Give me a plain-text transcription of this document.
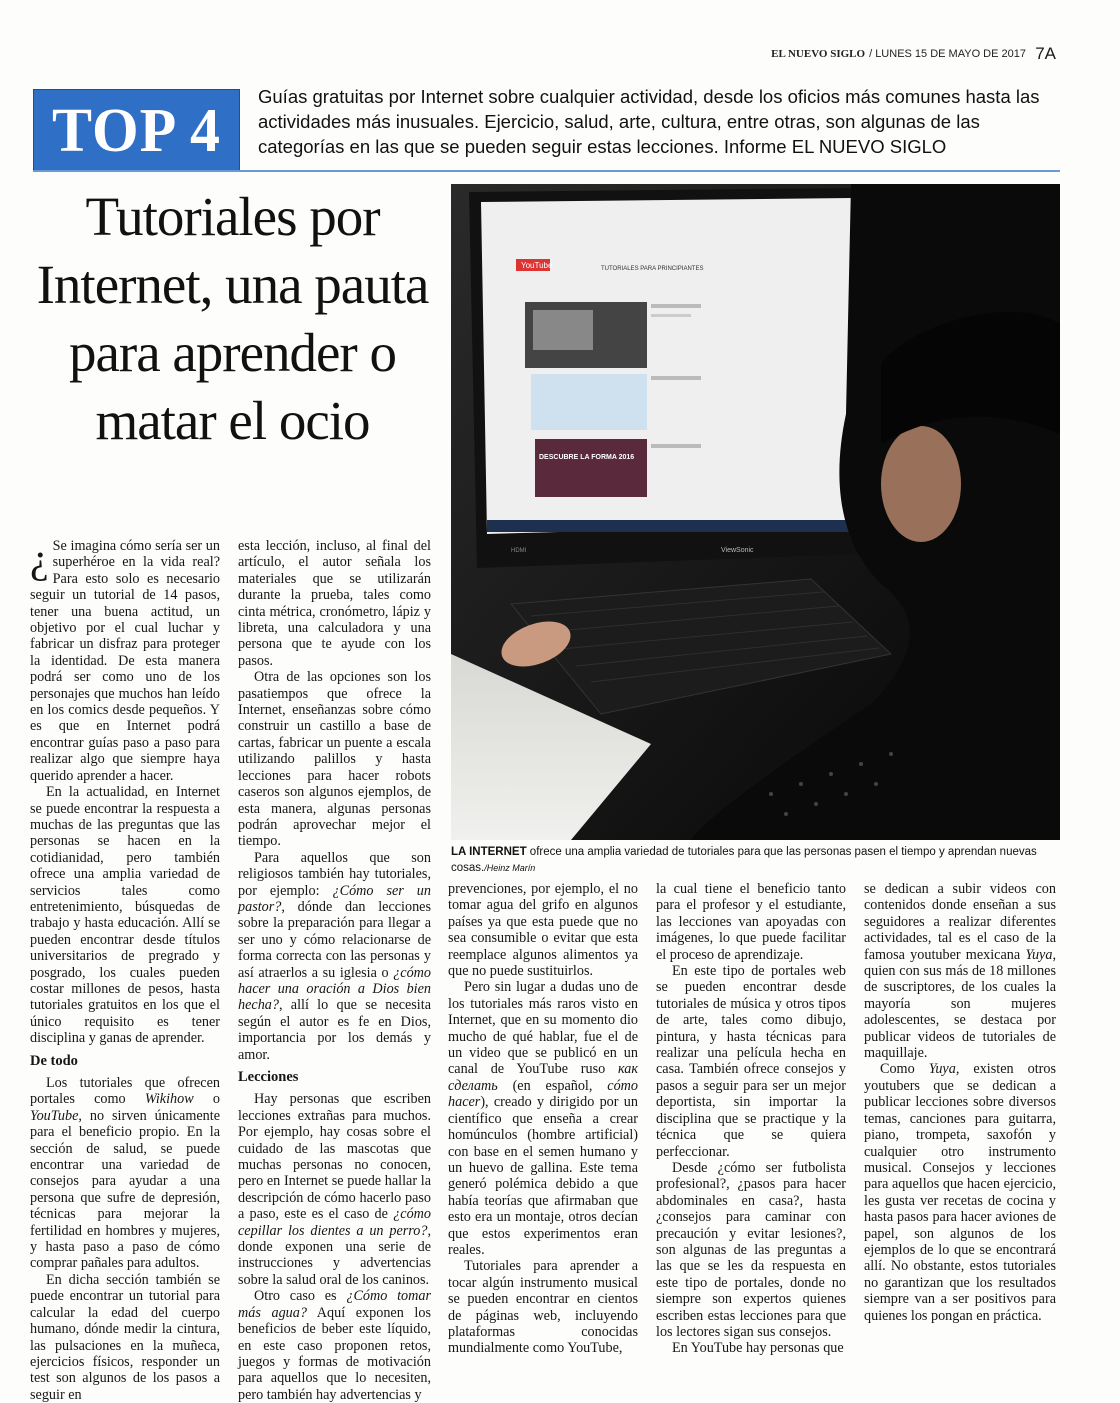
EL NUEVO SIGLO / LUNES 15 DE MAYO DE 2017 7A
TOP 4 Guías gratuitas por Internet sobre cualquier actividad, desde los oficios más comunes hasta las actividades más inusuales. Ejercicio, salud, arte, cultura, entre otras, son algunas de las categorías en las que se pueden seguir estas lecciones. Informe EL NUEVO SIGLO
Tutoriales por Internet, una pauta para aprender o matar el ocio
YouTube	TUTORIALES PARA PRINCIPIANTES
DESCUBRE LA FORMA 2016
ViewSonic
HDMI
LA INTERNET ofrece una amplia variedad de tutoriales para que las personas pasen el tiempo y aprendan nuevas cosas./Heinz Marín

¿ Se imagina cómo sería ser un superhéroe en la vida real? Para esto solo es necesario seguir un tutorial de 14 pasos, tener una buena actitud, un objetivo por el cual luchar y fabricar un disfraz para proteger la identidad. De esta manera podrá ser como uno de los personajes que muchos han leído en los comics desde pequeños. Y es que en Internet podrá encontrar guías paso a paso para realizar algo que siempre haya querido aprender a hacer.

En la actualidad, en Internet se puede encontrar la respuesta a muchas de las preguntas que las personas se hacen en la cotidianidad, pero también ofrece una amplia variedad de servicios tales como entretenimiento, búsquedas de trabajo y hasta educación. Allí se pueden encontrar desde títulos universitarios de pregrado y posgrado, los cuales pueden costar millones de pesos, hasta tutoriales gratuitos en los que el único requisito es tener disciplina y ganas de aprender.

De todo

Los tutoriales que ofrecen portales como Wikihow o YouTube, no sirven únicamente para el beneficio propio. En la sección de salud, se puede encontrar una variedad de consejos para ayudar a una persona que sufre de depresión, técnicas para mejorar la fertilidad en hombres y mujeres, y hasta paso a paso de cómo comprar pañales para adultos.

En dicha sección también se puede encontrar un tutorial para calcular la edad del cuerpo humano, dónde medir la cintura, las pulsaciones en la muñeca, ejercicios físicos, responder un test son algunos de los pasos a seguir en

esta lección, incluso, al final del artículo, el autor señala los materiales que se utilizarán durante la prueba, tales como cinta métrica, cronómetro, lápiz y libreta, una calculadora y una persona que te ayude con los pasos.

Otra de las opciones son los pasatiempos que ofrece la Internet, enseñanzas sobre cómo construir un castillo a base de cartas, fabricar un puente a escala utilizando palillos y hasta lecciones para hacer robots caseros son algunos ejemplos, de esta manera, algunas personas podrán aprovechar mejor el tiempo.

Para aquellos que son religiosos también hay tutoriales, por ejemplo: ¿Cómo ser un pastor?, dónde dan lecciones sobre la preparación para llegar a ser uno y cómo relacionarse de forma correcta con las personas y así atraerlos a su iglesia o ¿cómo hacer una oración a Dios bien hecha?, allí lo que se necesita según el autor es fe en Dios, importancia por los demás y amor.

Lecciones

Hay personas que escriben lecciones extrañas para muchos. Por ejemplo, hay cosas sobre el cuidado de las mascotas que muchas personas no conocen, pero en Internet se puede hallar la descripción de cómo hacerlo paso a paso, este es el caso de ¿cómo cepillar los dientes a un perro?, donde exponen una serie de instrucciones y advertencias sobre la salud oral de los caninos.

Otro caso es ¿Cómo tomar más agua? Aquí exponen los beneficios de beber este líquido, en este caso proponen retos, juegos y formas de motivación para aquellos que lo necesiten, pero también hay advertencias y

prevenciones, por ejemplo, el no tomar agua del grifo en algunos países ya que esta puede que no sea consumible o evitar que esta reemplace algunos alimentos ya que no puede sustituirlos.

Pero sin lugar a dudas uno de los tutoriales más raros visto en Internet, que en su momento dio mucho de qué hablar, fue el de un video que se publicó en un canal de YouTube ruso как сделать (en español, cómo hacer), creado y dirigido por un científico que enseña a crear homúnculos (hombre artificial) con base en el semen humano y un huevo de gallina. Este tema generó polémica debido a que había teorías que afirmaban que esto era un montaje, otros decían que estos experimentos eran reales.

Tutoriales para aprender a tocar algún instrumento musical se pueden encontrar en cientos de páginas web, incluyendo plataformas conocidas mundialmente como YouTube,

la cual tiene el beneficio tanto para el profesor y el estudiante, las lecciones van apoyadas con imágenes, lo que puede facilitar el proceso de aprendizaje.

En este tipo de portales web se pueden encontrar desde tutoriales de música y otros tipos de arte, tales como dibujo, pintura, y hasta técnicas para realizar una película hecha en casa. También ofrece consejos y pasos a seguir para ser un mejor deportista, sin importar la disciplina que se practique y la técnica que se quiera perfeccionar.

Desde ¿cómo ser futbolista profesional?, ¿pasos para hacer abdominales en casa?, hasta ¿consejos para caminar con precaución y evitar lesiones?, son algunas de las preguntas a las que se les da respuesta en este tipo de portales, donde no siempre son expertos quienes escriben estas lecciones para que los lectores sigan sus consejos.

En YouTube hay personas que

se dedican a subir videos con contenidos donde enseñan a sus seguidores a realizar diferentes actividades, tal es el caso de la famosa youtuber mexicana Yuya, quien con sus más de 18 millones de suscriptores, de los cuales la mayoría son mujeres adolescentes, se destaca por publicar videos de tutoriales de maquillaje.

Como Yuya, existen otros youtubers que se dedican a publicar lecciones sobre diversos temas, canciones para guitarra, piano, trompeta, saxofón y cualquier otro instrumento musical. Consejos y lecciones para aquellos que hacen ejercicio, les gusta ver recetas de cocina y hasta pasos para hacer aviones de papel, son algunos de los ejemplos de lo que se encontrará allí. No obstante, estos tutoriales no garantizan que los resultados siempre van a ser positivos para quienes los pongan en práctica.
